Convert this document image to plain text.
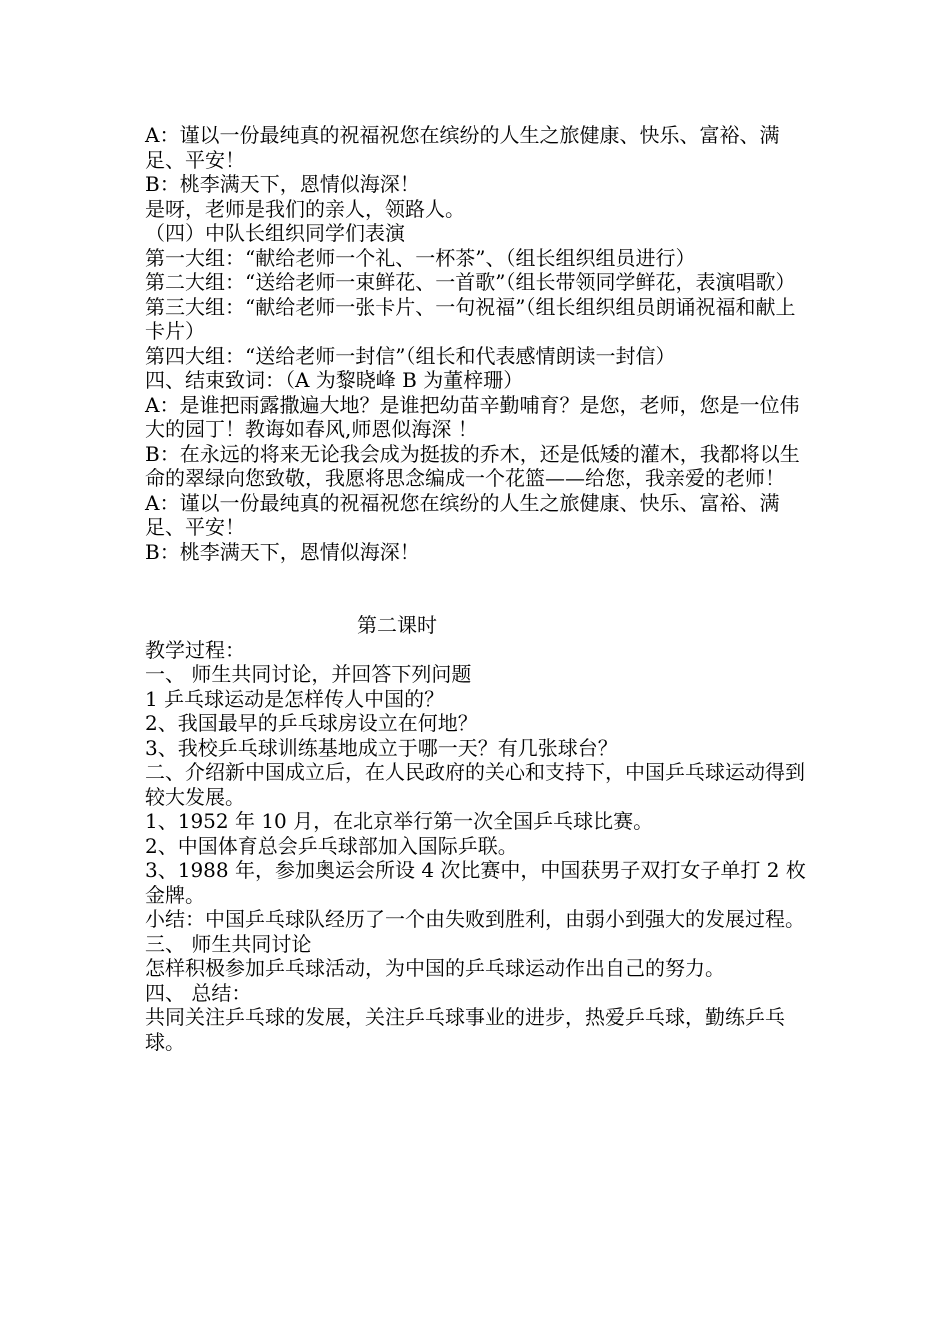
A：谨以一份最纯真的祝福祝您在缤纷的人生之旅健康、快乐、富裕、满足、平安！

B：桃李满天下，恩情似海深！

是呀，老师是我们的亲人，领路人。

（四）中队长组织同学们表演

第一大组：“献给老师一个礼、一杯茶”、（组长组织组员进行）

第二大组：“送给老师一束鲜花、一首歌”（组长带领同学鲜花，表演唱歌）

第三大组：“献给老师一张卡片、一句祝福”（组长组织组员朗诵祝福和献上卡片）

第四大组：“送给老师一封信”（组长和代表感情朗读一封信）

四、结束致词：（A 为黎晓峰 B 为董梓珊）

A：是谁把雨露撒遍大地？是谁把幼苗辛勤哺育？是您，老师，您是一位伟大的园丁！教诲如春风,师恩似海深 ！

B：在永远的将来无论我会成为挺拔的乔木，还是低矮的灌木，我都将以生命的翠绿向您致敬，我愿将思念编成一个花篮——给您，我亲爱的老师！

A：谨以一份最纯真的祝福祝您在缤纷的人生之旅健康、快乐、富裕、满足、平安！

B：桃李满天下，恩情似海深！

第二课时

教学过程：

一、 师生共同讨论，并回答下列问题

1 乒乓球运动是怎样传人中国的？

2、我国最早的乒乓球房设立在何地？

3、我校乒乓球训练基地成立于哪一天？有几张球台？

二、介绍新中国成立后，在人民政府的关心和支持下，中国乒乓球运动得到较大发展。

1、1952 年 10 月，在北京举行第一次全国乒乓球比赛。

2、中国体育总会乒乓球部加入国际乒联。

3、1988 年，参加奥运会所设 4 次比赛中，中国获男子双打女子单打 2 枚金牌。

小结：中国乒乓球队经历了一个由失败到胜利，由弱小到强大的发展过程。

三、 师生共同讨论

怎样积极参加乒乓球活动，为中国的乒乓球运动作出自己的努力。

四、 总结：

共同关注乒乓球的发展，关注乒乓球事业的进步，热爱乒乓球，勤练乒乓球。
